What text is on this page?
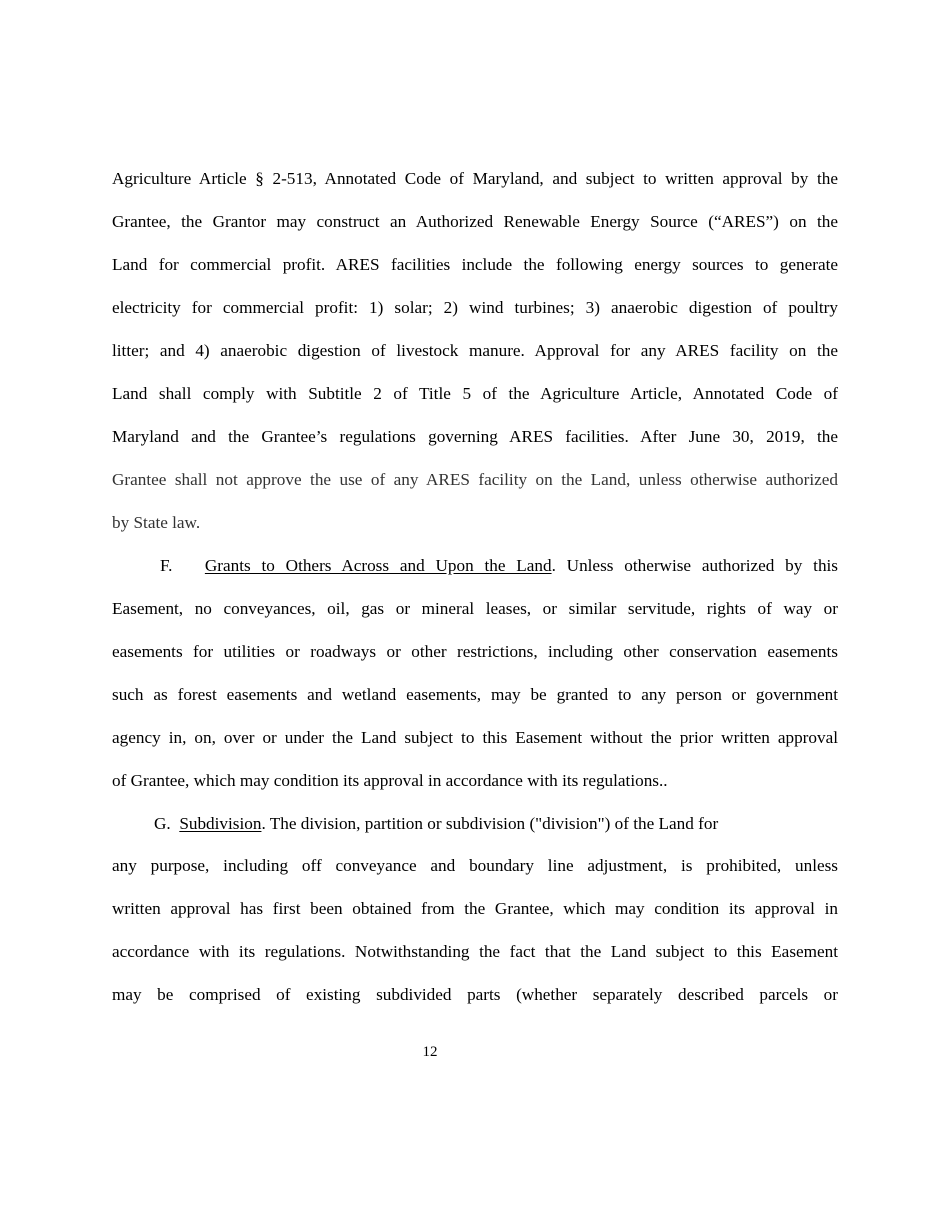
Agriculture Article § 2-513, Annotated Code of Maryland, and subject to written approval by the
Grantee, the Grantor may construct an Authorized Renewable Energy Source (“ARES”) on the
Land for commercial profit. ARES facilities include the following energy sources to generate
electricity for commercial profit: 1) solar; 2) wind turbines; 3) anaerobic digestion of poultry
litter; and 4) anaerobic digestion of livestock manure. Approval for any ARES facility on the
Land shall comply with Subtitle 2 of Title 5 of the Agriculture Article, Annotated Code of
Maryland and the Grantee’s regulations governing ARES facilities. After June 30, 2019, the
Grantee shall not approve the use of any ARES facility on the Land, unless otherwise authorized
by State law.
F. Grants to Others Across and Upon the Land. Unless otherwise authorized by this
Easement, no conveyances, oil, gas or mineral leases, or similar servitude, rights of way or
easements for utilities or roadways or other restrictions, including other conservation easements
such as forest easements and wetland easements, may be granted to any person or government
agency in, on, over or under the Land subject to this Easement without the prior written approval
of Grantee, which may condition its approval in accordance with its regulations..
G. Subdivision. The division, partition or subdivision ("division") of the Land for
any purpose, including off conveyance and boundary line adjustment, is prohibited, unless
written approval has first been obtained from the Grantee, which may condition its approval in
accordance with its regulations. Notwithstanding the fact that the Land subject to this Easement
may be comprised of existing subdivided parts (whether separately described parcels or
12
